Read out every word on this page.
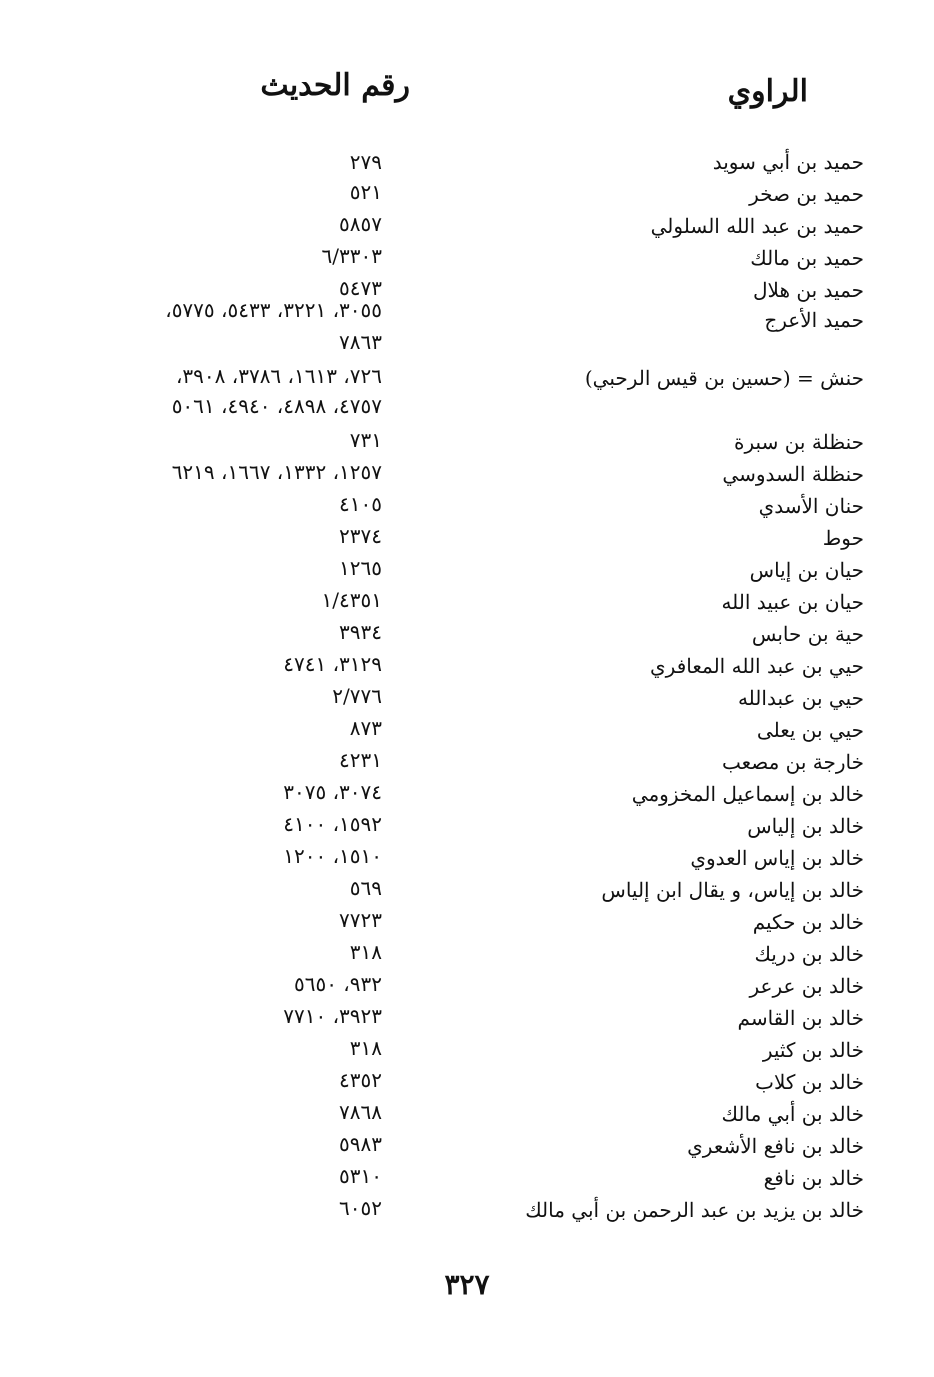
الراوي
رقم الحديث
حميد بن أبي سويد
٢٧٩
حميد بن صخر
٥٢١
حميد بن عبد الله السلولي
٥٨٥٧
حميد بن مالك
٦/٣٣٠٣
حميد بن هلال
٥٤٧٣
حميد الأعرج
٣٠٥٥، ٣٢٢١، ٥٤٣٣، ٥٧٧٥،
٧٨٦٣
حنش = (حسين بن قيس الرحبي)
٧٢٦، ١٦١٣، ٣٧٨٦، ٣٩٠٨،
٤٧٥٧، ٤٨٩٨، ٤٩٤٠، ٥٠٦١
حنظلة بن سبرة
٧٣١
حنظلة السدوسي
١٢٥٧، ١٣٣٢، ١٦٦٧، ٦٢١٩
حنان الأسدي
٤١٠٥
حوط
٢٣٧٤
حيان بن إياس
١٢٦٥
حيان بن عبيد الله
١/٤٣٥١
حية بن حابس
٣٩٣٤
حيي بن عبد الله المعافري
٣١٢٩، ٤٧٤١
حيي بن عبدالله
٢/٧٧٦
حيي بن يعلى
٨٧٣
خارجة بن مصعب
٤٢٣١
خالد بن إسماعيل المخزومي
٣٠٧٤، ٣٠٧٥
خالد بن إلياس
١٥٩٢، ٤١٠٠
خالد بن إياس العدوي
١٥١٠، ١٢٠٠
خالد بن إياس، و يقال ابن إلياس
٥٦٩
خالد بن حكيم
٧٧٢٣
خالد بن دريك
٣١٨
خالد بن عرعر
٩٣٢، ٥٦٥٠
خالد بن القاسم
٣٩٢٣، ٧٧١٠
خالد بن كثير
٣١٨
خالد بن كلاب
٤٣٥٢
خالد بن أبي مالك
٧٨٦٨
خالد بن نافع الأشعري
٥٩٨٣
خالد بن نافع
٥٣١٠
خالد بن يزيد بن عبد الرحمن بن أبي مالك
٦٠٥٢
٣٢٧
